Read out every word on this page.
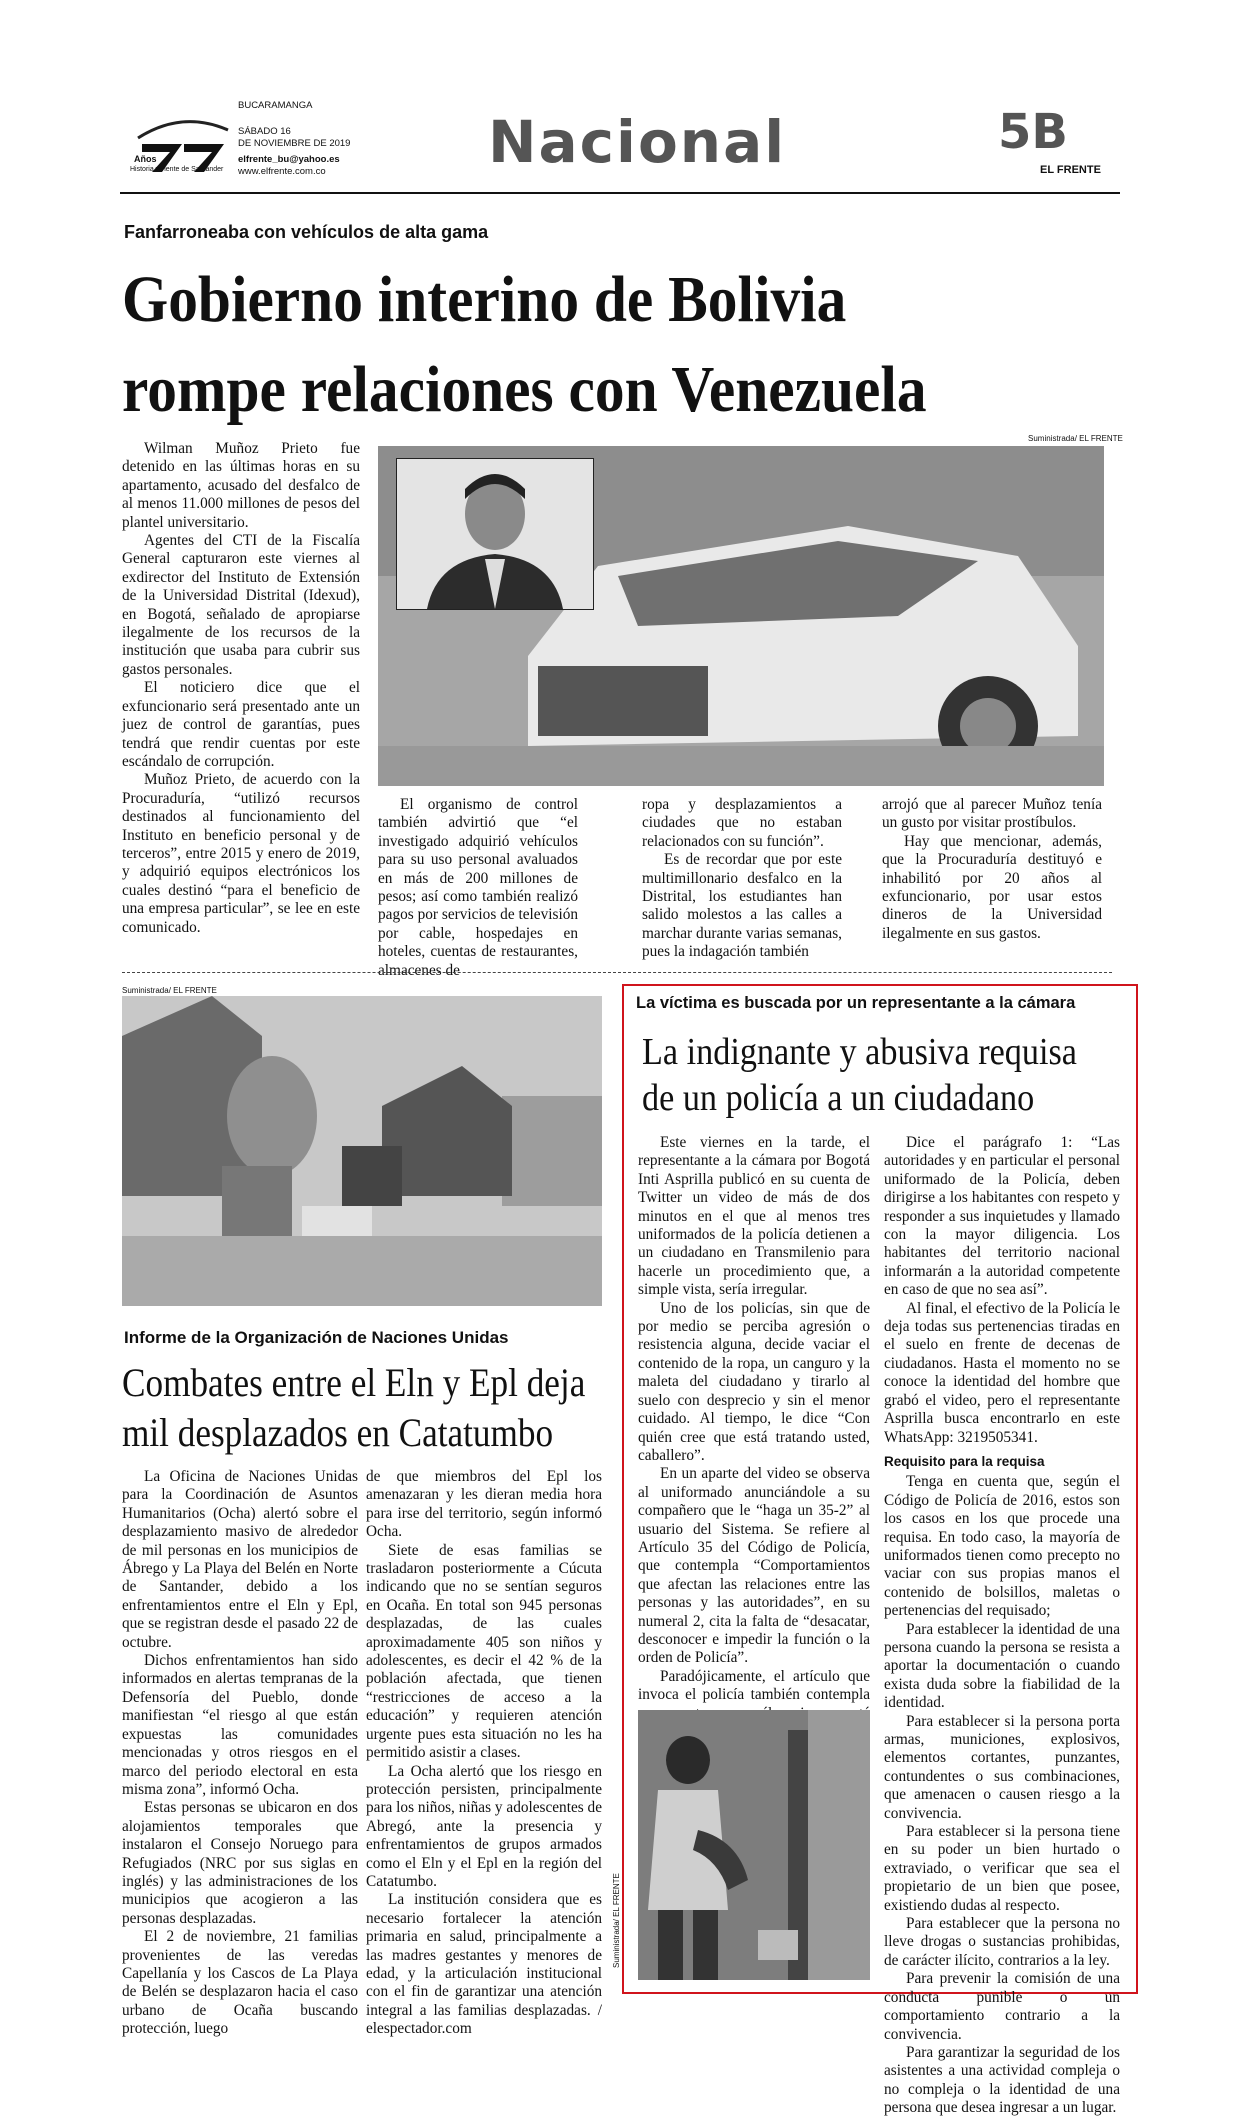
Años
Historia viviente de Santander
BUCARAMANGA
SÁBADO 16
DE NOVIEMBRE DE 2019
elfrente_bu@yahoo.es
www.elfrente.com.co	Nacional	5B
EL FRENTE
Fanfarroneaba con vehículos de alta gama
Gobierno interino de Bolivia
rompe relaciones con Venezuela

Wilman Muñoz Prieto fue detenido en las últimas horas en su apartamento, acusado del desfalco de al menos 11.000 millones de pesos del plantel universitario.

Agentes del CTI de la Fiscalía General capturaron este viernes al exdirector del Instituto de Extensión de la Universidad Distrital (Idexud), en Bogotá, señalado de apropiarse ilegalmente de los recursos de la institución que usaba para cubrir sus gastos personales.

El noticiero dice que el exfuncionario será presentado ante un juez de control de garantías, pues tendrá que rendir cuentas por este escándalo de corrupción.

Muñoz Prieto, de acuerdo con la Procuraduría, “utilizó recursos destinados al funcionamiento del Instituto en beneficio personal y de terceros”, entre 2015 y enero de 2019, y adquirió equipos electrónicos los cuales destinó “para el beneficio de una empresa particular”, se lee en este comunicado.

Suministrada/ EL FRENTE

El organismo de control también advirtió que “el investigado adquirió vehículos para su uso personal avaluados en más de 200 millones de pesos; así como también realizó pagos por servicios de televisión por cable, hospedajes en hoteles, cuentas de restaurantes, almacenes de

ropa y desplazamientos a ciudades que no estaban relacionados con su función”.

Es de recordar que por este multimillonario desfalco en la Distrital, los estudiantes han salido molestos a las calles a marchar durante varias semanas, pues la indagación también

arrojó que al parecer Muñoz tenía un gusto por visitar prostíbulos.

Hay que mencionar, además, que la Procuraduría destituyó e inhabilitó por 20 años al exfuncionario, por usar estos dineros de la Universidad ilegalmente en sus gastos.

Suministrada/ EL FRENTE
Informe de la Organización de Naciones Unidas
Combates entre el Eln y Epl deja
mil desplazados en Catatumbo

La Oficina de Naciones Unidas para la Coordinación de Asuntos Humanitarios (Ocha) alertó sobre el desplazamiento masivo de alrededor de mil personas en los municipios de Ábrego y La Playa del Belén en Norte de Santander, debido a los enfrentamientos entre el Eln y Epl, que se registran desde el pasado 22 de octubre.

Dichos enfrentamientos han sido informados en alertas tempranas de la Defensoría del Pueblo, donde manifiestan “el riesgo al que están expuestas las comunidades mencionadas y otros riesgos en el marco del periodo electoral en esta misma zona”, informó Ocha.

Estas personas se ubicaron en dos alojamientos temporales que instalaron el Consejo Noruego para Refugiados (NRC por sus siglas en inglés) y las administraciones de los municipios que acogieron a las personas desplazadas.

El 2 de noviembre, 21 familias provenientes de las veredas Capellanía y los Cascos de La Playa de Belén se desplazaron hacia el caso urbano de Ocaña buscando protección, luego

de que miembros del Epl los amenazaran y les dieran media hora para irse del territorio, según informó Ocha.

Siete de esas familias se trasladaron posteriormente a Cúcuta indicando que no se sentían seguros en Ocaña. En total son 945 personas desplazadas, de las cuales aproximadamente 405 son niños y adolescentes, es decir el 42 % de la población afectada, que tienen “restricciones de acceso a la educación” y requieren atención urgente pues esta situación no les ha permitido asistir a clases.

La Ocha alertó que los riesgo en protección persisten, principalmente para los niños, niñas y adolescentes de Abregó, ante la presencia y enfrentamientos de grupos armados como el Eln y el Epl en la región del Catatumbo.

La institución considera que es necesario fortalecer la atención primaria en salud, principalmente a las madres gestantes y menores de edad, y la articulación institucional con el fin de garantizar una atención integral a las familias desplazadas. / elespectador.com

La víctima es buscada por un representante a la cámara
La indignante y abusiva requisa
de un policía a un ciudadano

Este viernes en la tarde, el representante a la cámara por Bogotá Inti Asprilla publicó en su cuenta de Twitter un video de más de dos minutos en el que al menos tres uniformados de la policía detienen a un ciudadano en Transmilenio para hacerle un procedimiento que, a simple vista, sería irregular.

Uno de los policías, sin que de por medio se perciba agresión o resistencia alguna, decide vaciar el contenido de la ropa, un canguro y la maleta del ciudadano y tirarlo al suelo con desprecio y sin el menor cuidado. Al tiempo, le dice “Con quién cree que está tratando usted, caballero”.

En un aparte del video se observa al uniformado anunciándole a su compañero que le “haga un 35-2” al usuario del Sistema. Se refiere al Artículo 35 del Código de Policía, que contempla “Comportamientos que afectan las relaciones entre las personas y las autoridades”, en su numeral 2, cita la falta de “desacatar, desconocer e impedir la función o la orden de Policía”.

Paradójicamente, el artículo que invoca el policía también contempla

Suministrada/ EL FRENTE

Dice el parágrafo 1: “Las autoridades y en particular el personal uniformado de la Policía, deben dirigirse a los habitantes con respeto y responder a sus inquietudes y llamado con la mayor diligencia. Los habitantes del territorio nacional informarán a la autoridad competente en caso de que no sea así”.

Al final, el efectivo de la Policía le deja todas sus pertenencias tiradas en el suelo en frente de decenas de ciudadanos. Hasta el momento no se conoce la identidad del hombre que grabó el video, pero el representante Asprilla busca encontrarlo en este WhatsApp: 3219505341.

Requisito para la requisa

Tenga en cuenta que, según el Código de Policía de 2016, estos son los casos en los que procede una requisa. En todo caso, la mayoría de uniformados tienen como precepto no vaciar con sus propias manos el contenido de bolsillos, maletas o pertenencias del requisado;

Para establecer la identidad de una persona cuando la persona se resista a aportar la documentación o cuando exista duda sobre la fiabilidad de la identidad.

Para establecer si la persona porta armas, municiones, explosivos, elementos cortantes, punzantes, contundentes o sus combinaciones, que amenacen o causen riesgo a la convivencia.

Para establecer si la persona tiene en su poder un bien hurtado o extraviado, o verificar que sea el propietario de un bien que posee, existiendo dudas al respecto.

Para establecer que la persona no lleve drogas o sustancias prohibidas, de carácter ilícito, contrarios a la ley.

Para prevenir la comisión de una conducta punible o un comportamiento contrario a la convivencia.

Para garantizar la seguridad de los asistentes a una actividad compleja o no compleja o la identidad de una persona que desea ingresar a un lugar.
